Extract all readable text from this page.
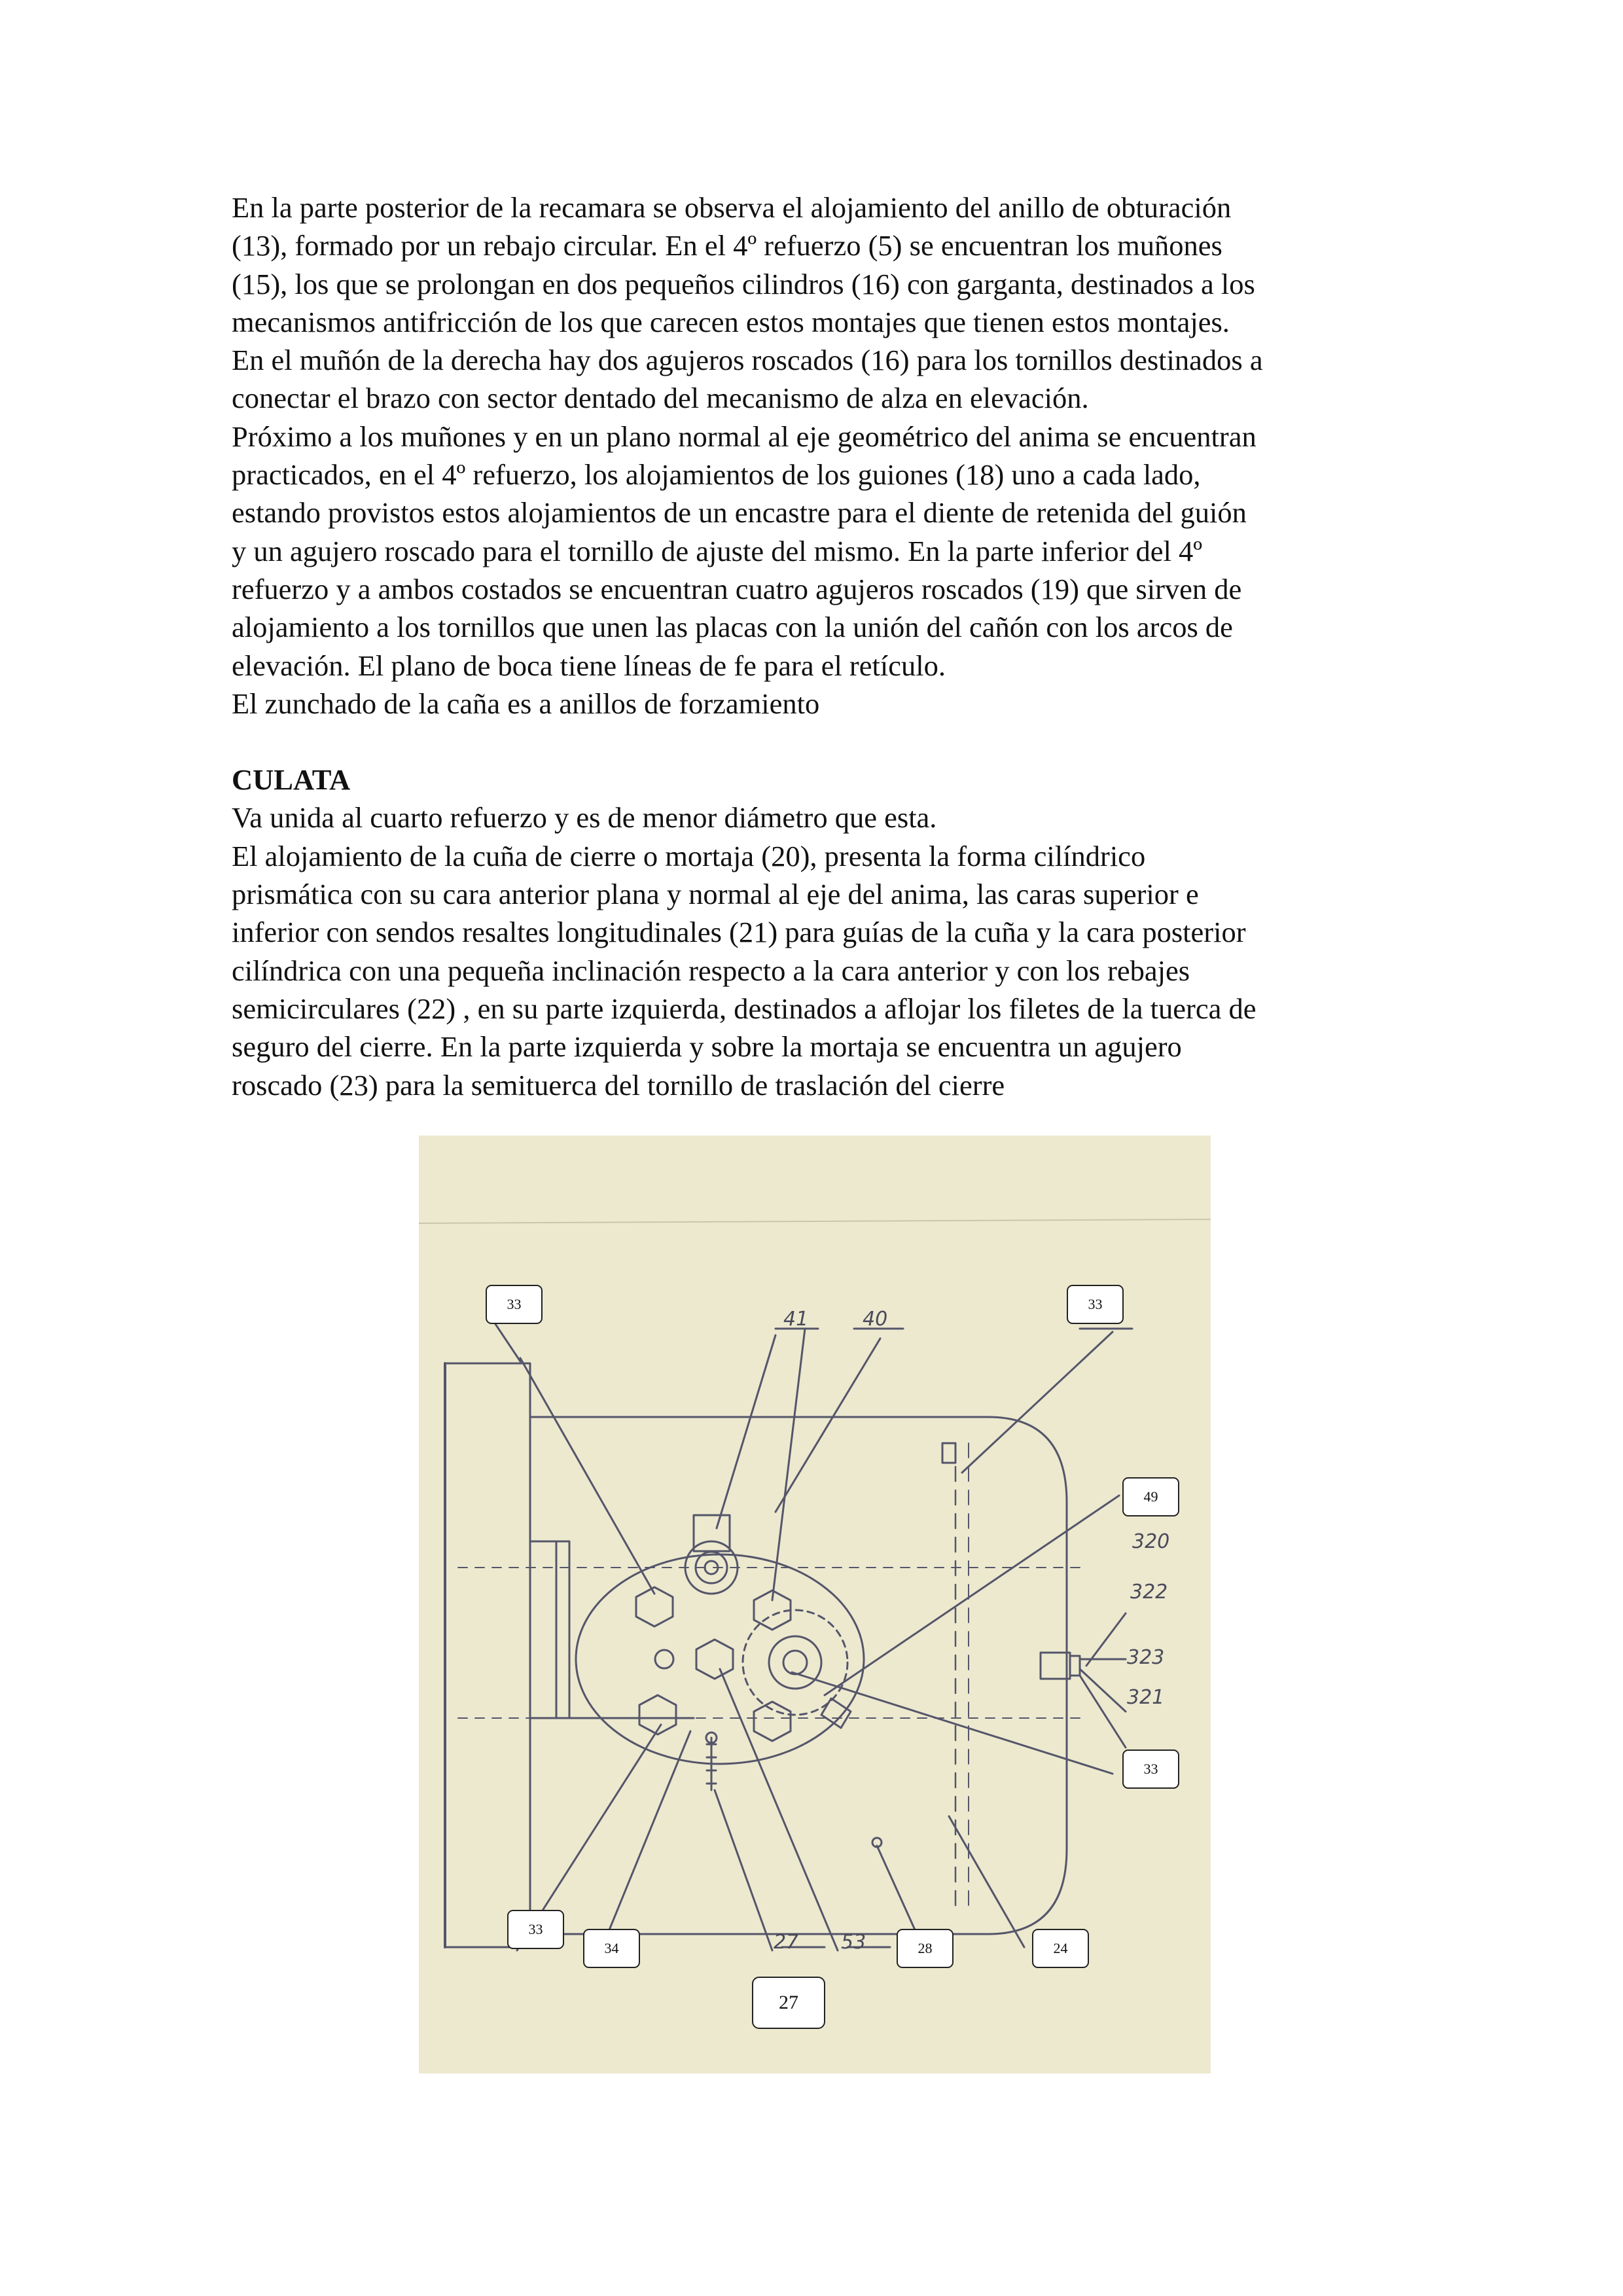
En la parte posterior de la recamara se observa el alojamiento del anillo de obturación

(13), formado por un rebajo circular. En el 4º refuerzo (5) se encuentran los muñones

(15), los que se prolongan en dos pequeños cilindros (16) con garganta, destinados a los

mecanismos antifricción de los que carecen estos montajes que tienen estos montajes.

En el muñón de la derecha hay dos agujeros roscados (16) para los tornillos destinados a

conectar el brazo con sector dentado del mecanismo de alza en elevación.

Próximo a los muñones y en un plano normal al eje geométrico del anima se encuentran

practicados, en el 4º refuerzo, los alojamientos de los guiones (18) uno a cada lado,

estando provistos estos alojamientos de un encastre para el diente de retenida del guión

y un agujero roscado para el tornillo de ajuste del mismo. En la parte inferior del 4º

refuerzo y a ambos costados se encuentran cuatro agujeros roscados (19) que sirven de

alojamiento a los tornillos que unen las placas con la unión del cañón con los arcos de

elevación. El plano de boca tiene líneas de fe para el retículo.

El zunchado de la caña es a anillos de forzamiento

CULATA

Va unida al cuarto refuerzo y es de menor diámetro que esta.

El alojamiento de la cuña de cierre o mortaja (20), presenta la forma cilíndrico

prismática con su cara anterior plana y normal al eje del anima, las caras superior e

inferior con sendos resaltes longitudinales (21) para guías de la cuña y la cara posterior

cilíndrica con una pequeña inclinación respecto a la cara anterior y con los rebajes

semicirculares (22) , en su parte izquierda, destinados a aflojar los filetes de la tuerca de

seguro del cierre. En la parte izquierda y sobre la mortaja se encuentra un agujero

roscado (23) para la semituerca del tornillo de traslación del cierre

41	40
320
322
323
321
27 53
33	33
49
33
33
34	28	24
27
